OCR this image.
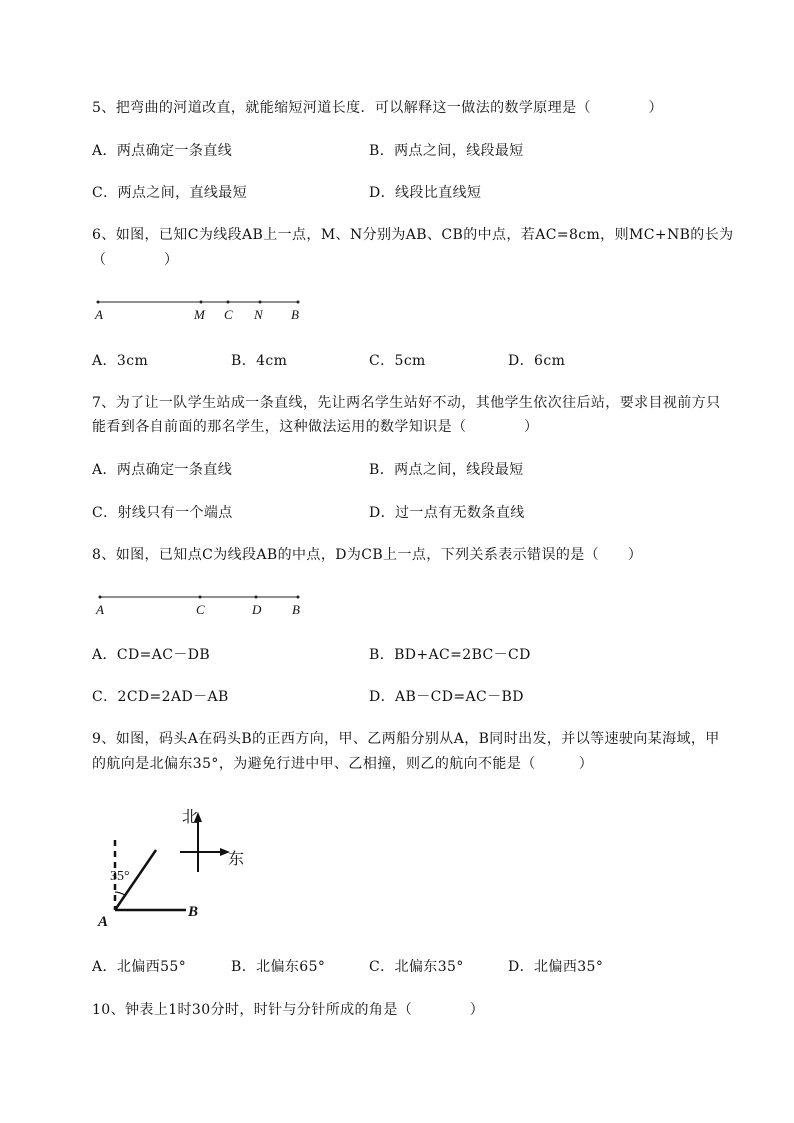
5、把弯曲的河道改直，就能缩短河道长度．可以解释这一做法的数学原理是（　　　　）
A．两点确定一条直线	B．两点之间，线段最短
C．两点之间，直线最短	D．线段比直线短
6、如图，已知C为线段AB上一点，M、N分别为AB、CB的中点，若AC=8cm，则MC+NB的长为
（　　　　）
A	M C N B
A．3cm	B．4cm	C．5cm	D．6cm
7、为了让一队学生站成一条直线，先让两名学生站好不动，其他学生依次往后站，要求目视前方只
能看到各自前面的那名学生，这种做法运用的数学知识是（　　　　）
A．两点确定一条直线	B．两点之间，线段最短
C．射线只有一个端点	D．过一点有无数条直线
8、如图，已知点C为线段AB的中点，D为CB上一点，下列关系表示错误的是（　　）
A	C	D B
A．CD=AC－DB	B．BD+AC=2BC－CD
C．2CD=2AD－AB	D．AB－CD=AC－BD
9、如图，码头A在码头B的正西方向，甲、乙两船分别从A，B同时出发，并以等速驶向某海域，甲
的航向是北偏东35°，为避免行进中甲、乙相撞，则乙的航向不能是（　　　）
北
东
35°
A
B
A．北偏西55°	B．北偏东65°	C．北偏东35°	D．北偏西35°
10、钟表上1时30分时，时针与分针所成的角是（　　　　）
